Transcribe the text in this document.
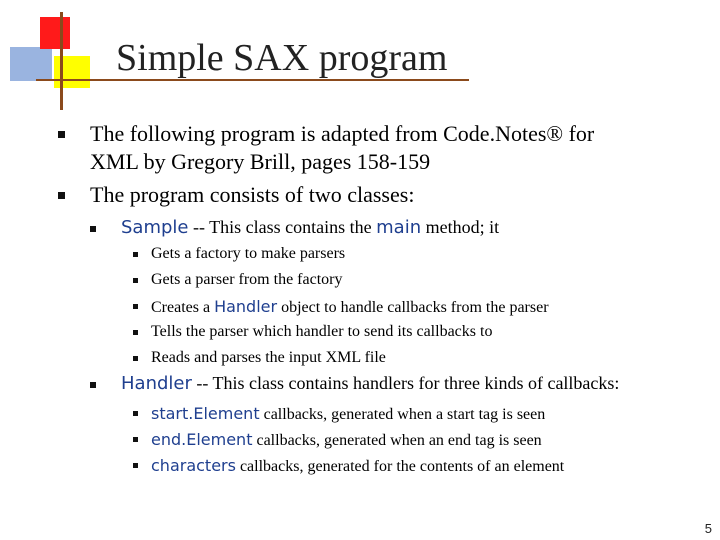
Simple SAX program
The following program is adapted from Code.Notes® for
XML by Gregory Brill, pages 158-159
The program consists of two classes:
Sample -- This class contains the main method; it
Gets a factory to make parsers
Gets a parser from the factory
Creates a Handler object to handle callbacks from the parser
Tells the parser which handler to send its callbacks to
Reads and parses the input XML file
Handler -- This class contains handlers for three kinds of callbacks:
start.Element callbacks, generated when a start tag is seen
end.Element callbacks, generated when an end tag is seen
characters callbacks, generated for the contents of an element
5
